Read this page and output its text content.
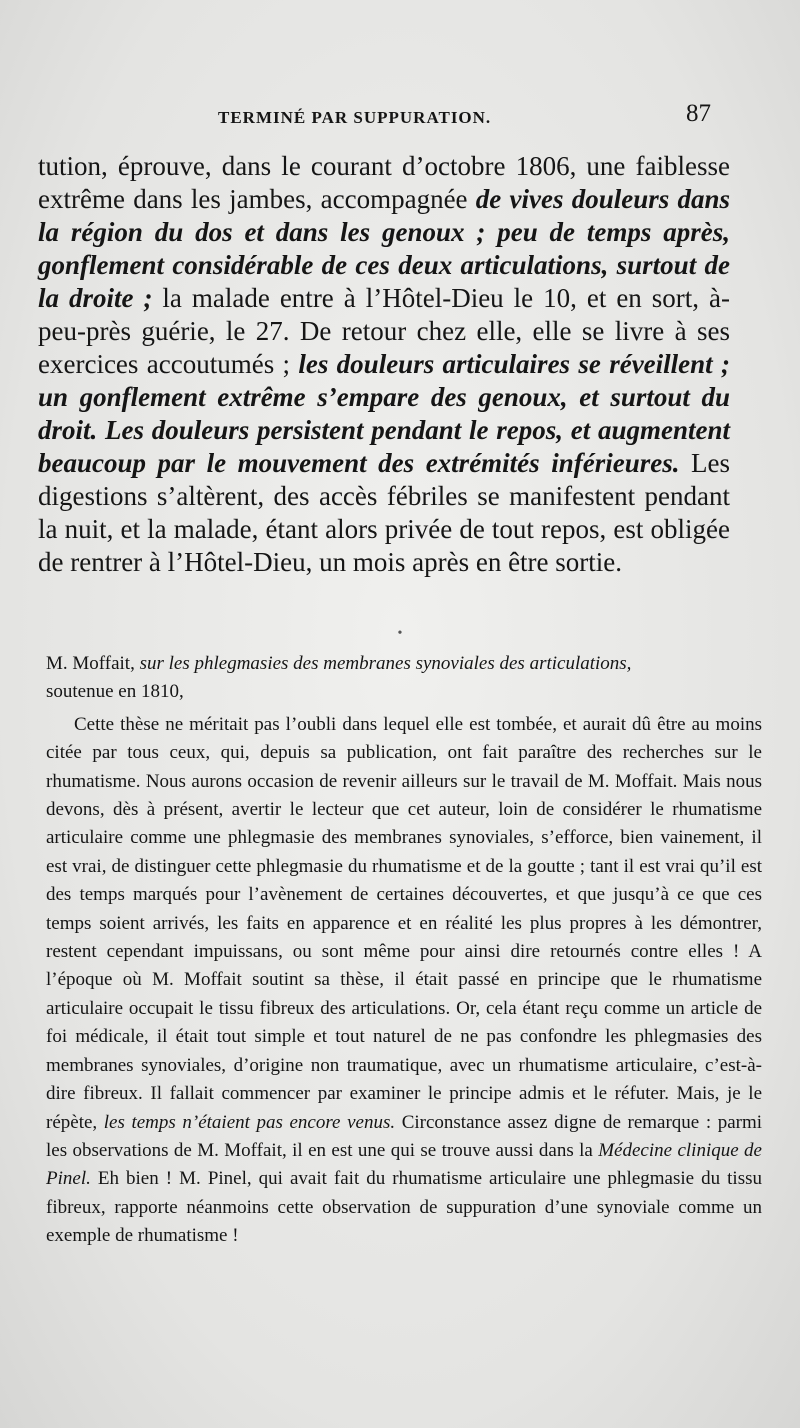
TERMINÉ PAR SUPPURATION.	87

tution, éprouve, dans le courant d’octobre 1806, une faiblesse extrême dans les jambes, accompagnée de vives douleurs dans la région du dos et dans les genoux ; peu de temps après, gonflement considérable de ces deux articulations, surtout de la droite ; la malade entre à l’Hôtel-Dieu le 10, et en sort, à-peu-près guérie, le 27. De retour chez elle, elle se livre à ses exercices accoutumés ; les douleurs articulaires se réveillent ; un gonflement extrême s’empare des genoux, et surtout du droit. Les douleurs persistent pendant le repos, et augmentent beaucoup par le mouvement des extrémités inférieures. Les digestions s’altèrent, des accès fébriles se manifestent pendant la nuit, et la malade, étant alors privée de tout repos, est obligée de rentrer à l’Hôtel-Dieu, un mois après en être sortie.

•

M. Moffait, sur les phlegmasies des membranes synoviales des articulations,
soutenue en 1810,

Cette thèse ne méritait pas l’oubli dans lequel elle est tombée, et aurait dû être au moins citée par tous ceux, qui, depuis sa publication, ont fait paraître des recherches sur le rhumatisme. Nous aurons occasion de revenir ailleurs sur le travail de M. Moffait. Mais nous devons, dès à présent, avertir le lecteur que cet auteur, loin de considérer le rhumatisme articulaire comme une phlegmasie des membranes synoviales, s’efforce, bien vainement, il est vrai, de distinguer cette phlegmasie du rhumatisme et de la goutte ; tant il est vrai qu’il est des temps marqués pour l’avènement de certaines découvertes, et que jusqu’à ce que ces temps soient arrivés, les faits en apparence et en réalité les plus propres à les démontrer, restent cependant impuissans, ou sont même pour ainsi dire retournés contre elles ! A l’époque où M. Moffait soutint sa thèse, il était passé en principe que le rhumatisme articulaire occupait le tissu fibreux des articulations. Or, cela étant reçu comme un article de foi médicale, il était tout simple et tout naturel de ne pas confondre les phlegmasies des membranes synoviales, d’origine non traumatique, avec un rhumatisme articulaire, c’est-à-dire fibreux. Il fallait commencer par examiner le principe admis et le réfuter. Mais, je le répète, les temps n’étaient pas encore venus. Circonstance assez digne de remarque : parmi les observations de M. Moffait, il en est une qui se trouve aussi dans la Médecine clinique de Pinel. Eh bien ! M. Pinel, qui avait fait du rhumatisme articulaire une phlegmasie du tissu fibreux, rapporte néanmoins cette observation de suppuration d’une synoviale comme un exemple de rhumatisme !
